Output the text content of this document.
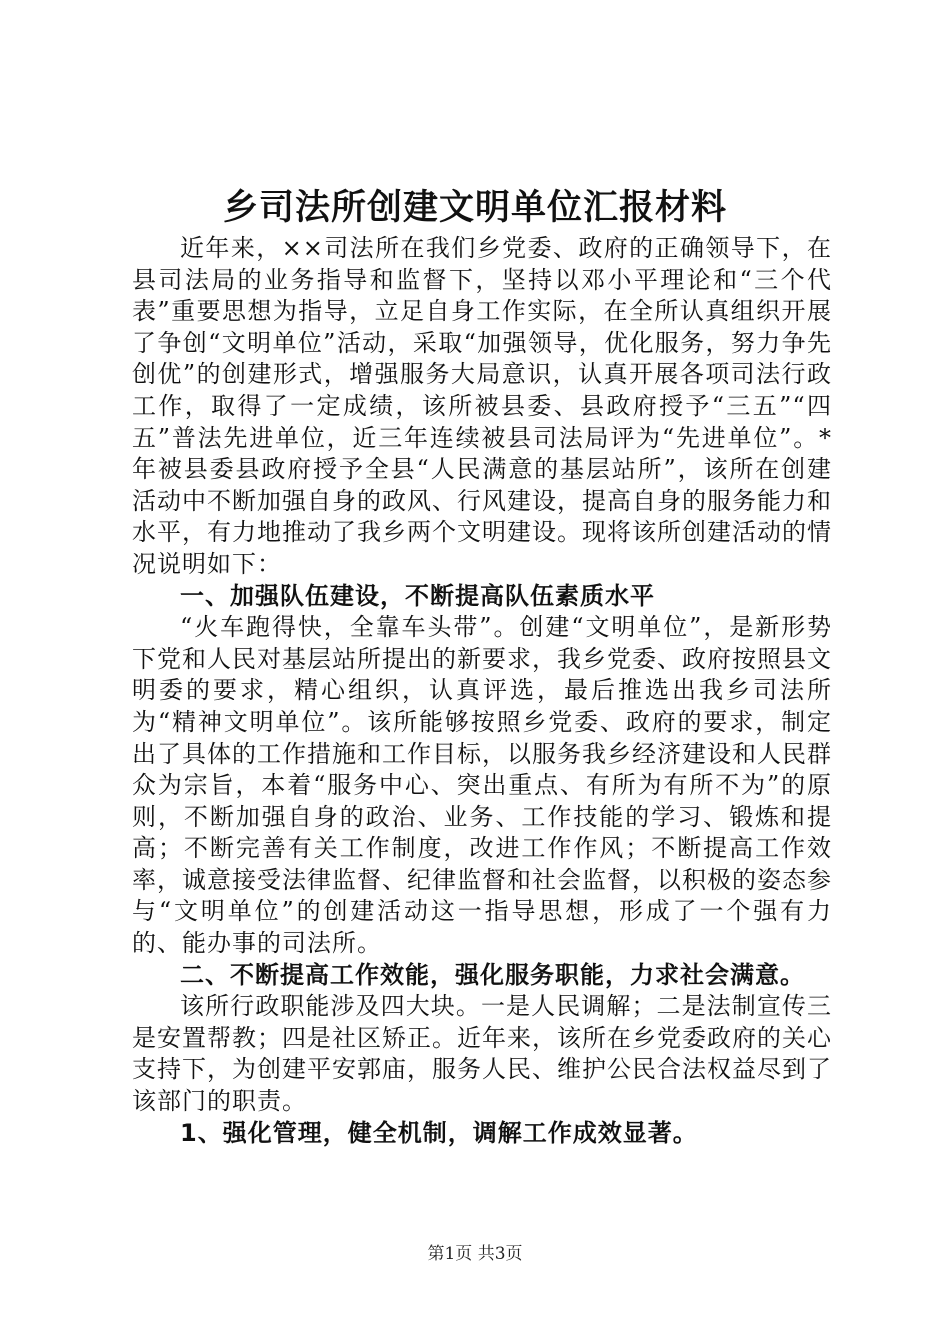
乡司法所创建文明单位汇报材料

近年来，××司法所在我们乡党委、政府的正确领导下，在县司法局的业务指导和监督下，坚持以邓小平理论和“三个代表”重要思想为指导，立足自身工作实际，在全所认真组织开展了争创“文明单位”活动，采取“加强领导，优化服务，努力争先创优”的创建形式，增强服务大局意识，认真开展各项司法行政工作，取得了一定成绩，该所被县委、县政府授予“三五”“四五”普法先进单位，近三年连续被县司法局评为“先进单位”。*年被县委县政府授予全县“人民满意的基层站所”，该所在创建活动中不断加强自身的政风、行风建设，提高自身的服务能力和水平，有力地推动了我乡两个文明建设。现将该所创建活动的情况说明如下：

一、加强队伍建设，不断提高队伍素质水平

“火车跑得快，全靠车头带”。创建“文明单位”，是新形势下党和人民对基层站所提出的新要求，我乡党委、政府按照县文明委的要求，精心组织，认真评选，最后推选出我乡司法所为“精神文明单位”。该所能够按照乡党委、政府的要求，制定出了具体的工作措施和工作目标，以服务我乡经济建设和人民群众为宗旨，本着“服务中心、突出重点、有所为有所不为”的原则，不断加强自身的政治、业务、工作技能的学习、锻炼和提高；不断完善有关工作制度，改进工作作风；不断提高工作效率，诚意接受法律监督、纪律监督和社会监督，以积极的姿态参与“文明单位”的创建活动这一指导思想，形成了一个强有力的、能办事的司法所。

二、不断提高工作效能，强化服务职能，力求社会满意。

该所行政职能涉及四大块。一是人民调解；二是法制宣传三是安置帮教；四是社区矫正。近年来，该所在乡党委政府的关心支持下，为创建平安郭庙，服务人民、维护公民合法权益尽到了该部门的职责。

1、强化管理，健全机制，调解工作成效显著。

第1页 共3页
